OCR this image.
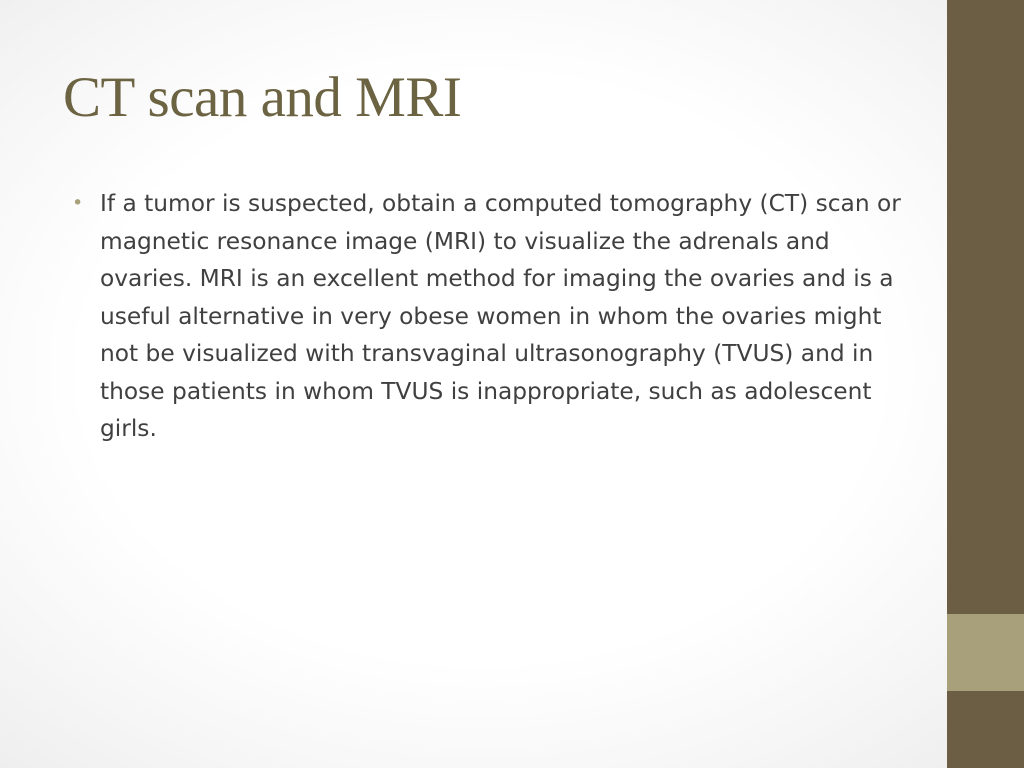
CT scan and MRI
• If a tumor is suspected, obtain a computed tomography (CT) scan or magnetic resonance image (MRI) to visualize the adrenals and ovaries. MRI is an excellent method for imaging the ovaries and is a useful alternative in very obese women in whom the ovaries might not be visualized with transvaginal ultrasonography (TVUS) and in those patients in whom TVUS is inappropriate, such as adolescent girls.
